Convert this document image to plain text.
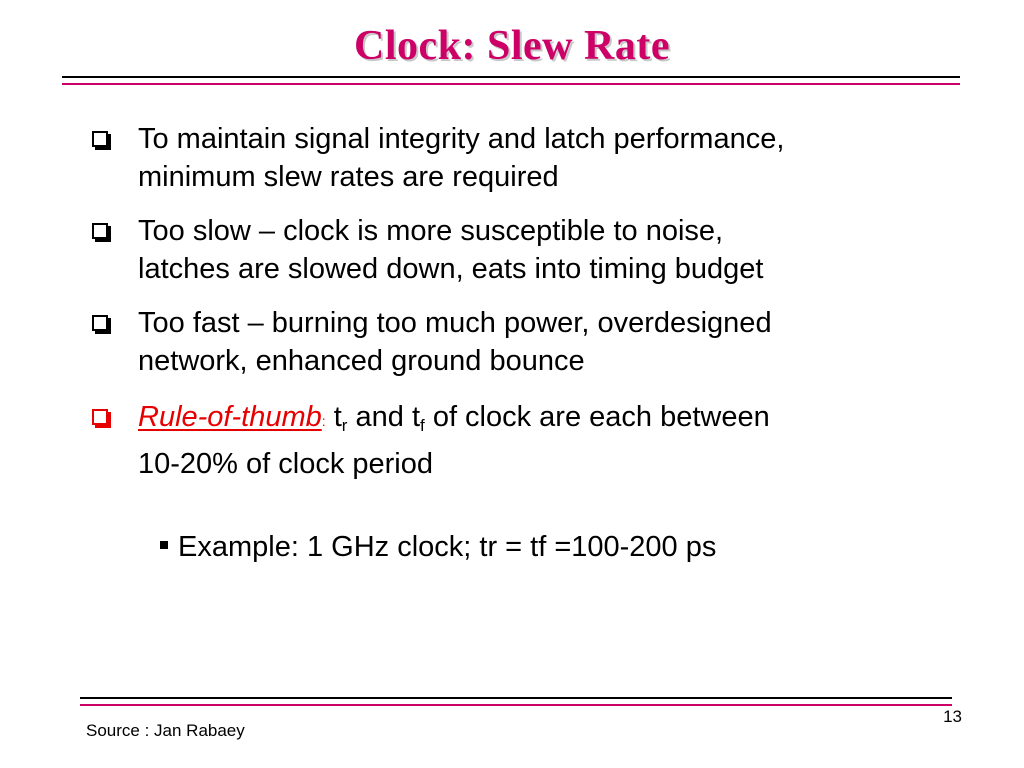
Clock: Slew Rate
To maintain signal integrity and latch performance,
minimum slew rates are required
Too slow – clock is more susceptible to noise,
latches are slowed down, eats into timing budget
Too fast – burning too much power, overdesigned
network, enhanced ground bounce
Rule-of-thumb: $t_r$ and $t_f$ of clock are each between
10-20% of clock period
Example: 1 GHz clock; tr = tf =100-200 ps
Source : Jan Rabaey
13
